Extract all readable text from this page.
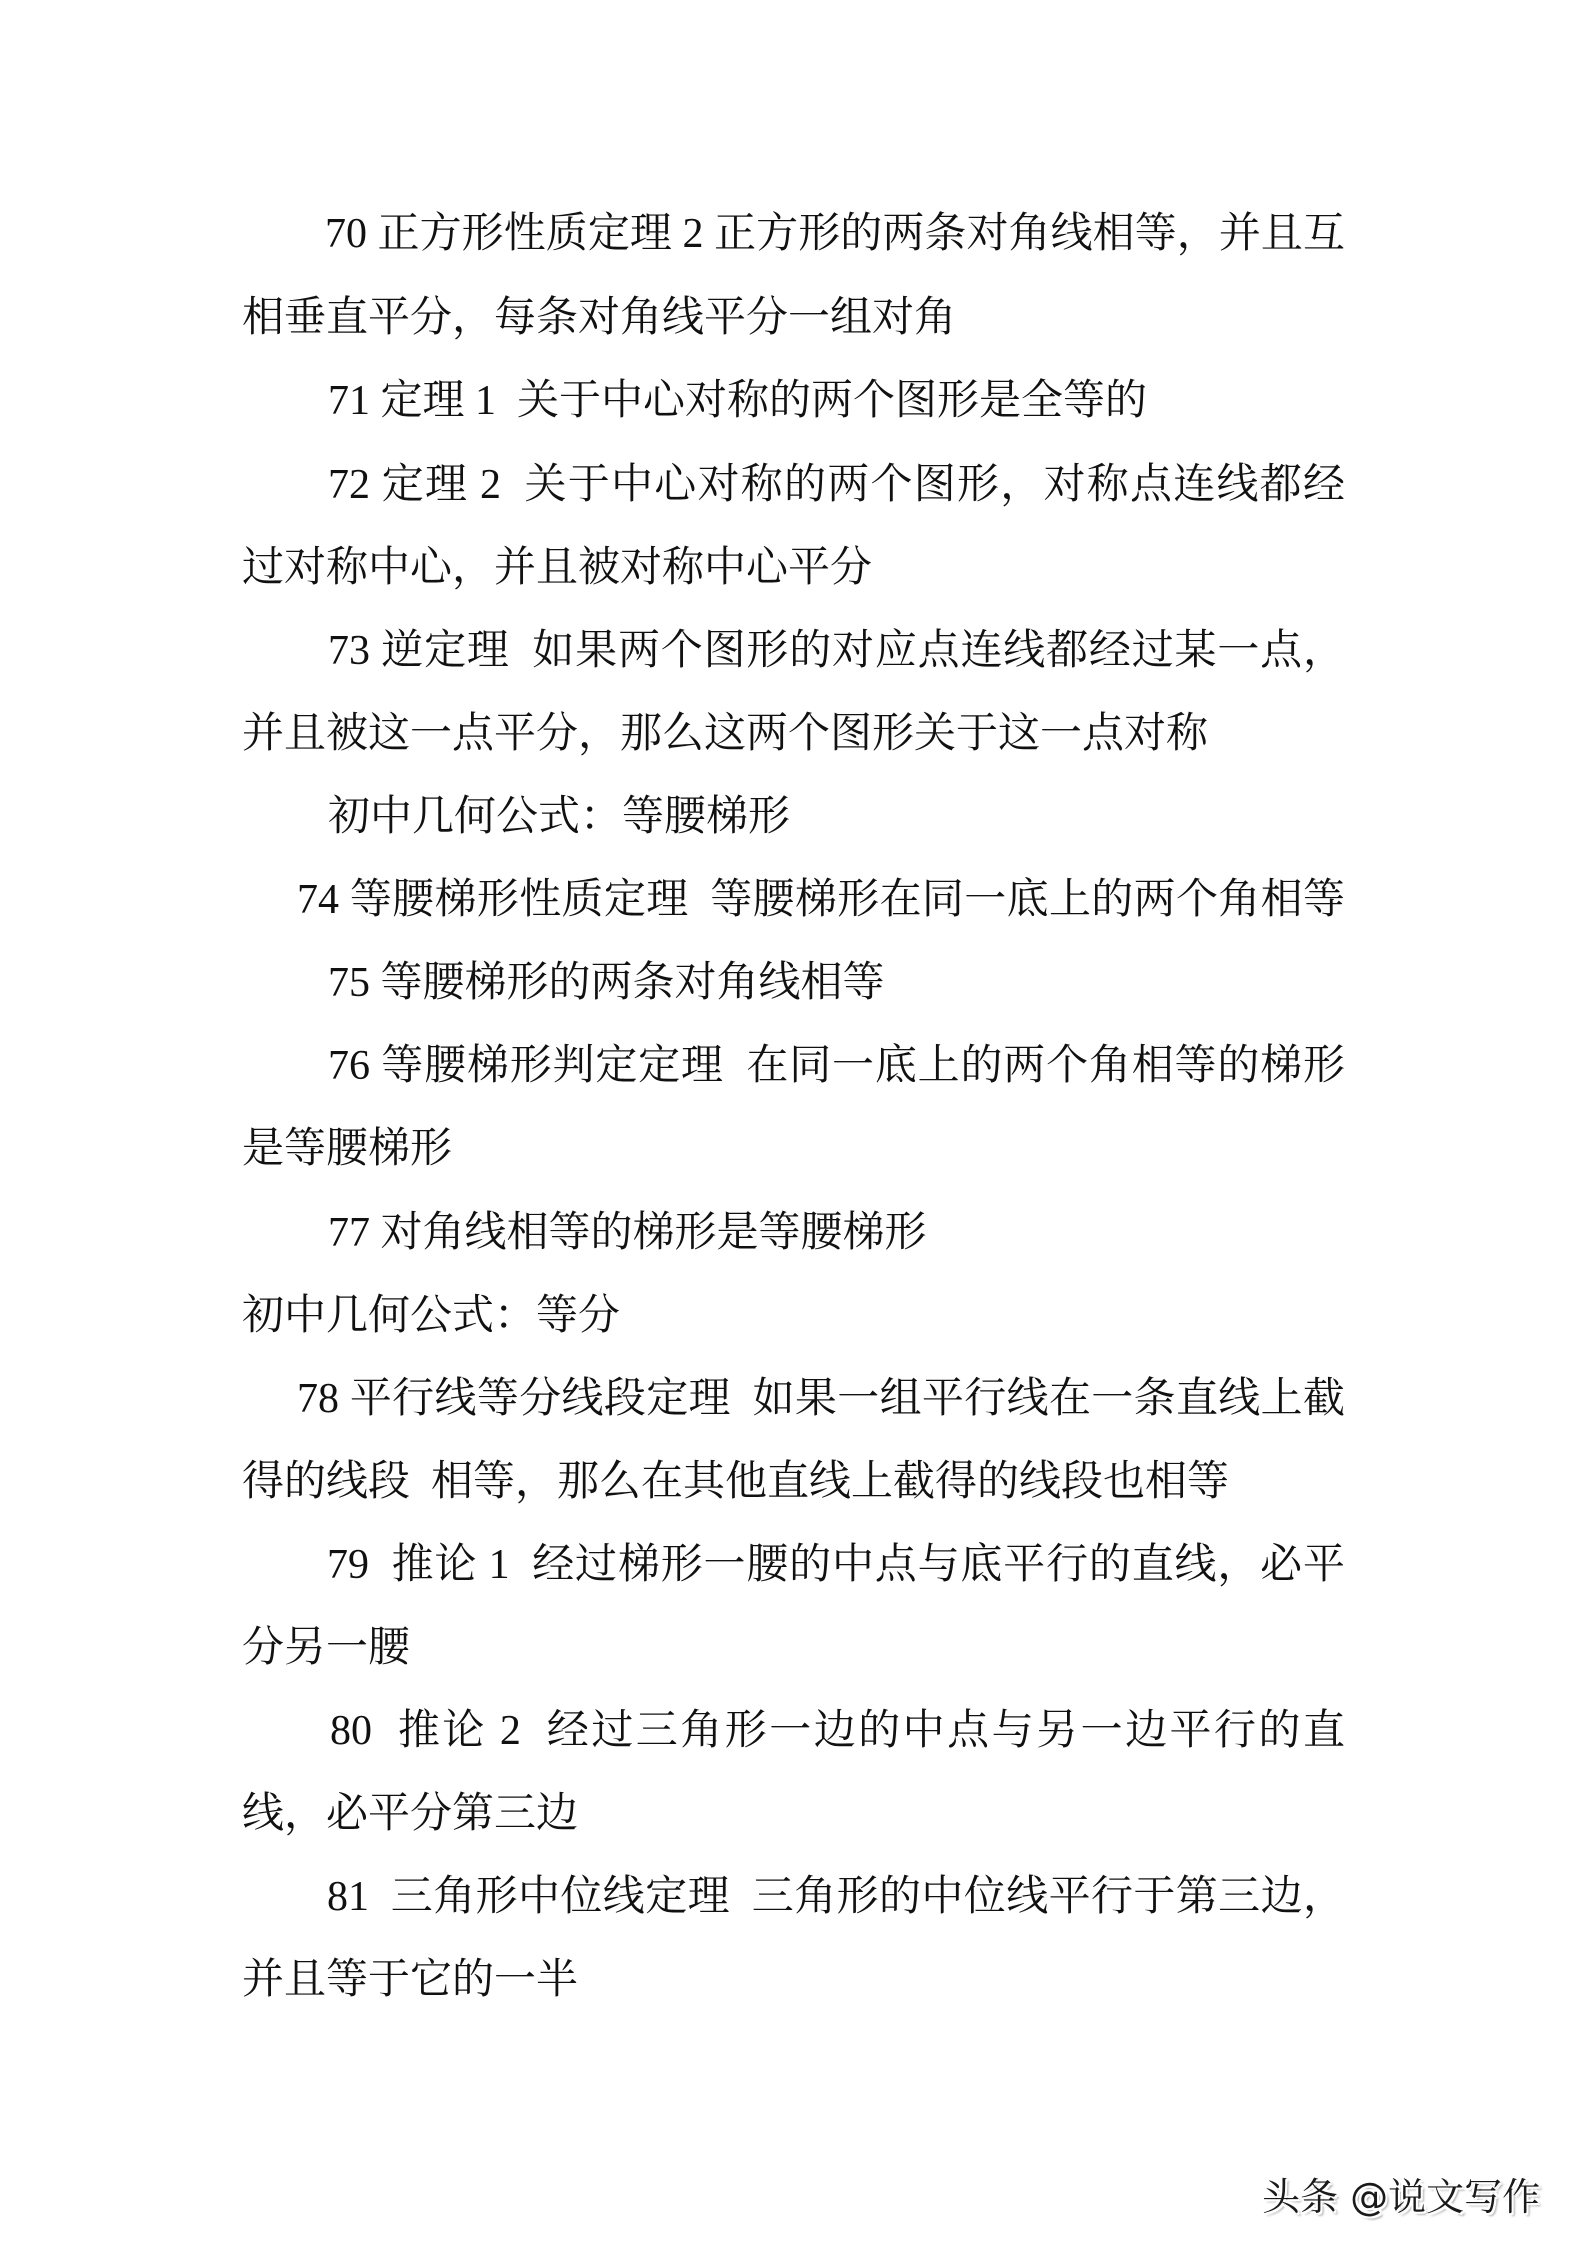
70 正方形性质定理 2 正方形的两条对角线相等，并且互
相垂直平分，每条对角线平分一组对角
71 定理 1  关于中心对称的两个图形是全等的
72 定理 2  关于中心对称的两个图形，对称点连线都经
过对称中心，并且被对称中心平分
73 逆定理  如果两个图形的对应点连线都经过某一点，
并且被这一点平分，那么这两个图形关于这一点对称
初中几何公式：等腰梯形
74 等腰梯形性质定理  等腰梯形在同一底上的两个角相等
75 等腰梯形的两条对角线相等
76 等腰梯形判定定理  在同一底上的两个角相等的梯形
是等腰梯形
77 对角线相等的梯形是等腰梯形
初中几何公式：等分
78 平行线等分线段定理  如果一组平行线在一条直线上截
得的线段  相等，那么在其他直线上截得的线段也相等
79  推论 1  经过梯形一腰的中点与底平行的直线，必平
分另一腰
80  推论 2  经过三角形一边的中点与另一边平行的直
线，必平分第三边
81  三角形中位线定理  三角形的中位线平行于第三边，
并且等于它的一半
头条 @说文写作
